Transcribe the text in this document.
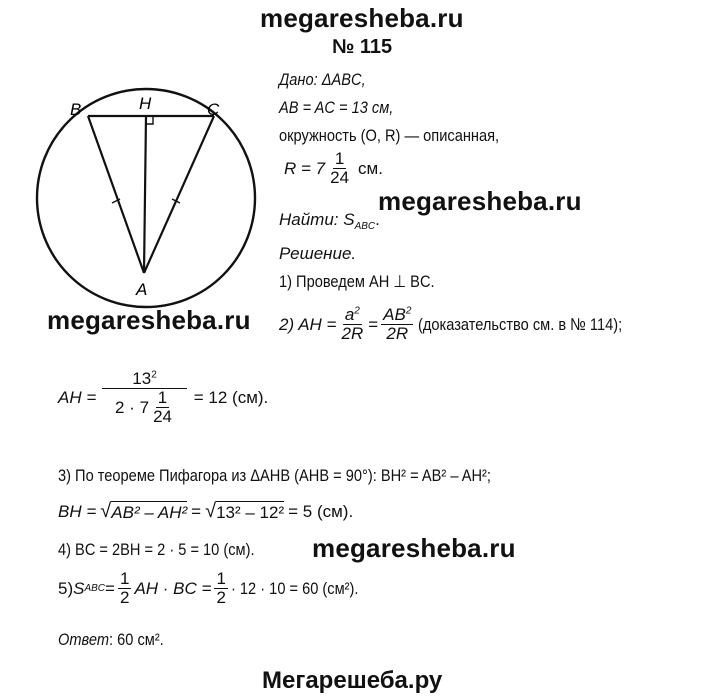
megaresheba.ru
№ 115
B	H	C
A
Дано: ΔABC,
AB = AC = 13 см,
окружность (O, R) — описанная,
$R = 7 \frac{1}{24}$ см.
Найти: $S_{ABC}$.
megaresheba.ru
Решение.
1) Проведем AH ⊥ BC.
megaresheba.ru 2) AH = $\frac{a^2}{2R} = \frac{AB^2}{2R}$ (доказательство см. в № 114);
AH = $\frac{13^2}{2 \cdot 7 \frac{1}{24}} = 12$ (см).
3) По теореме Пифагора из ΔAHB (AHB = 90°): BH² = AB² – AH²;
BH = √ AB² – AH² = √ 13² – 12² = 5 (см).
4) BC = 2BH = 2 · 5 = 10 (см).	megaresheba.ru
5) S ABC = $\frac{1}{2}$ AH · BC = $\frac{1}{2} \cdot 12 \cdot 10 = 60$ (см²).
Ответ: 60 см².
Мегарешеба.ру
